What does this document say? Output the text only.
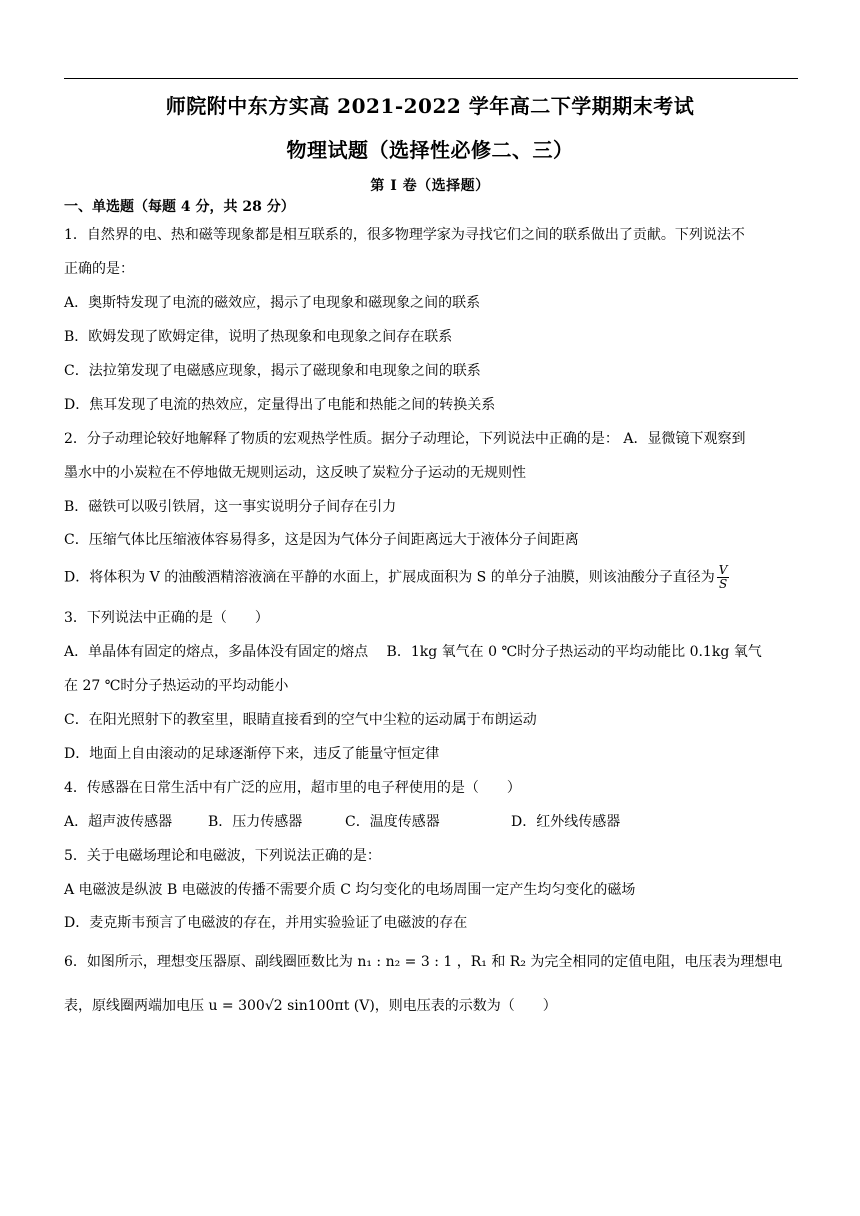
师院附中东方实高 2021-2022 学年高二下学期期末考试
物理试题（选择性必修二、三）
第 I 卷（选择题）
一、单选题（每题 4 分，共 28 分）
1．自然界的电、热和磁等现象都是相互联系的，很多物理学家为寻找它们之间的联系做出了贡献。下列说法不
正确的是：
A．奥斯特发现了电流的磁效应，揭示了电现象和磁现象之间的联系
B．欧姆发现了欧姆定律，说明了热现象和电现象之间存在联系
C．法拉第发现了电磁感应现象，揭示了磁现象和电现象之间的联系
D．焦耳发现了电流的热效应，定量得出了电能和热能之间的转换关系
2．分子动理论较好地解释了物质的宏观热学性质。据分子动理论，下列说法中正确的是： A．显微镜下观察到
墨水中的小炭粒在不停地做无规则运动，这反映了炭粒分子运动的无规则性
B．磁铁可以吸引铁屑，这一事实说明分子间存在引力
C．压缩气体比压缩液体容易得多，这是因为气体分子间距离远大于液体分子间距离
D．将体积为 V 的油酸酒精溶液滴在平静的水面上，扩展成面积为 S 的单分子油膜，则该油酸分子直径为 $\frac{V}{S}$
3．下列说法中正确的是（　　）
A．单晶体有固定的熔点，多晶体没有固定的熔点　 B．1kg 氧气在 0 ℃时分子热运动的平均动能比 0.1kg 氧气
在 27 ℃时分子热运动的平均动能小
C．在阳光照射下的教室里，眼睛直接看到的空气中尘粒的运动属于布朗运动
D．地面上自由滚动的足球逐渐停下来，违反了能量守恒定律
4．传感器在日常生活中有广泛的应用，超市里的电子秤使用的是（　　）
A．超声波传感器	B．压力传感器	C．温度传感器	D．红外线传感器
5．关于电磁场理论和电磁波，下列说法正确的是：
A 电磁波是纵波 B 电磁波的传播不需要介质 C 均匀变化的电场周围一定产生均匀变化的磁场
D．麦克斯韦预言了电磁波的存在，并用实验验证了电磁波的存在
6．如图所示，理想变压器原、副线圈匝数比为 n₁ : n₂ = 3 : 1 ，R₁ 和 R₂ 为完全相同的定值电阻，电压表为理想电
表，原线圈两端加电压 u = 300√2 sin100πt (V)，则电压表的示数为（　　）
